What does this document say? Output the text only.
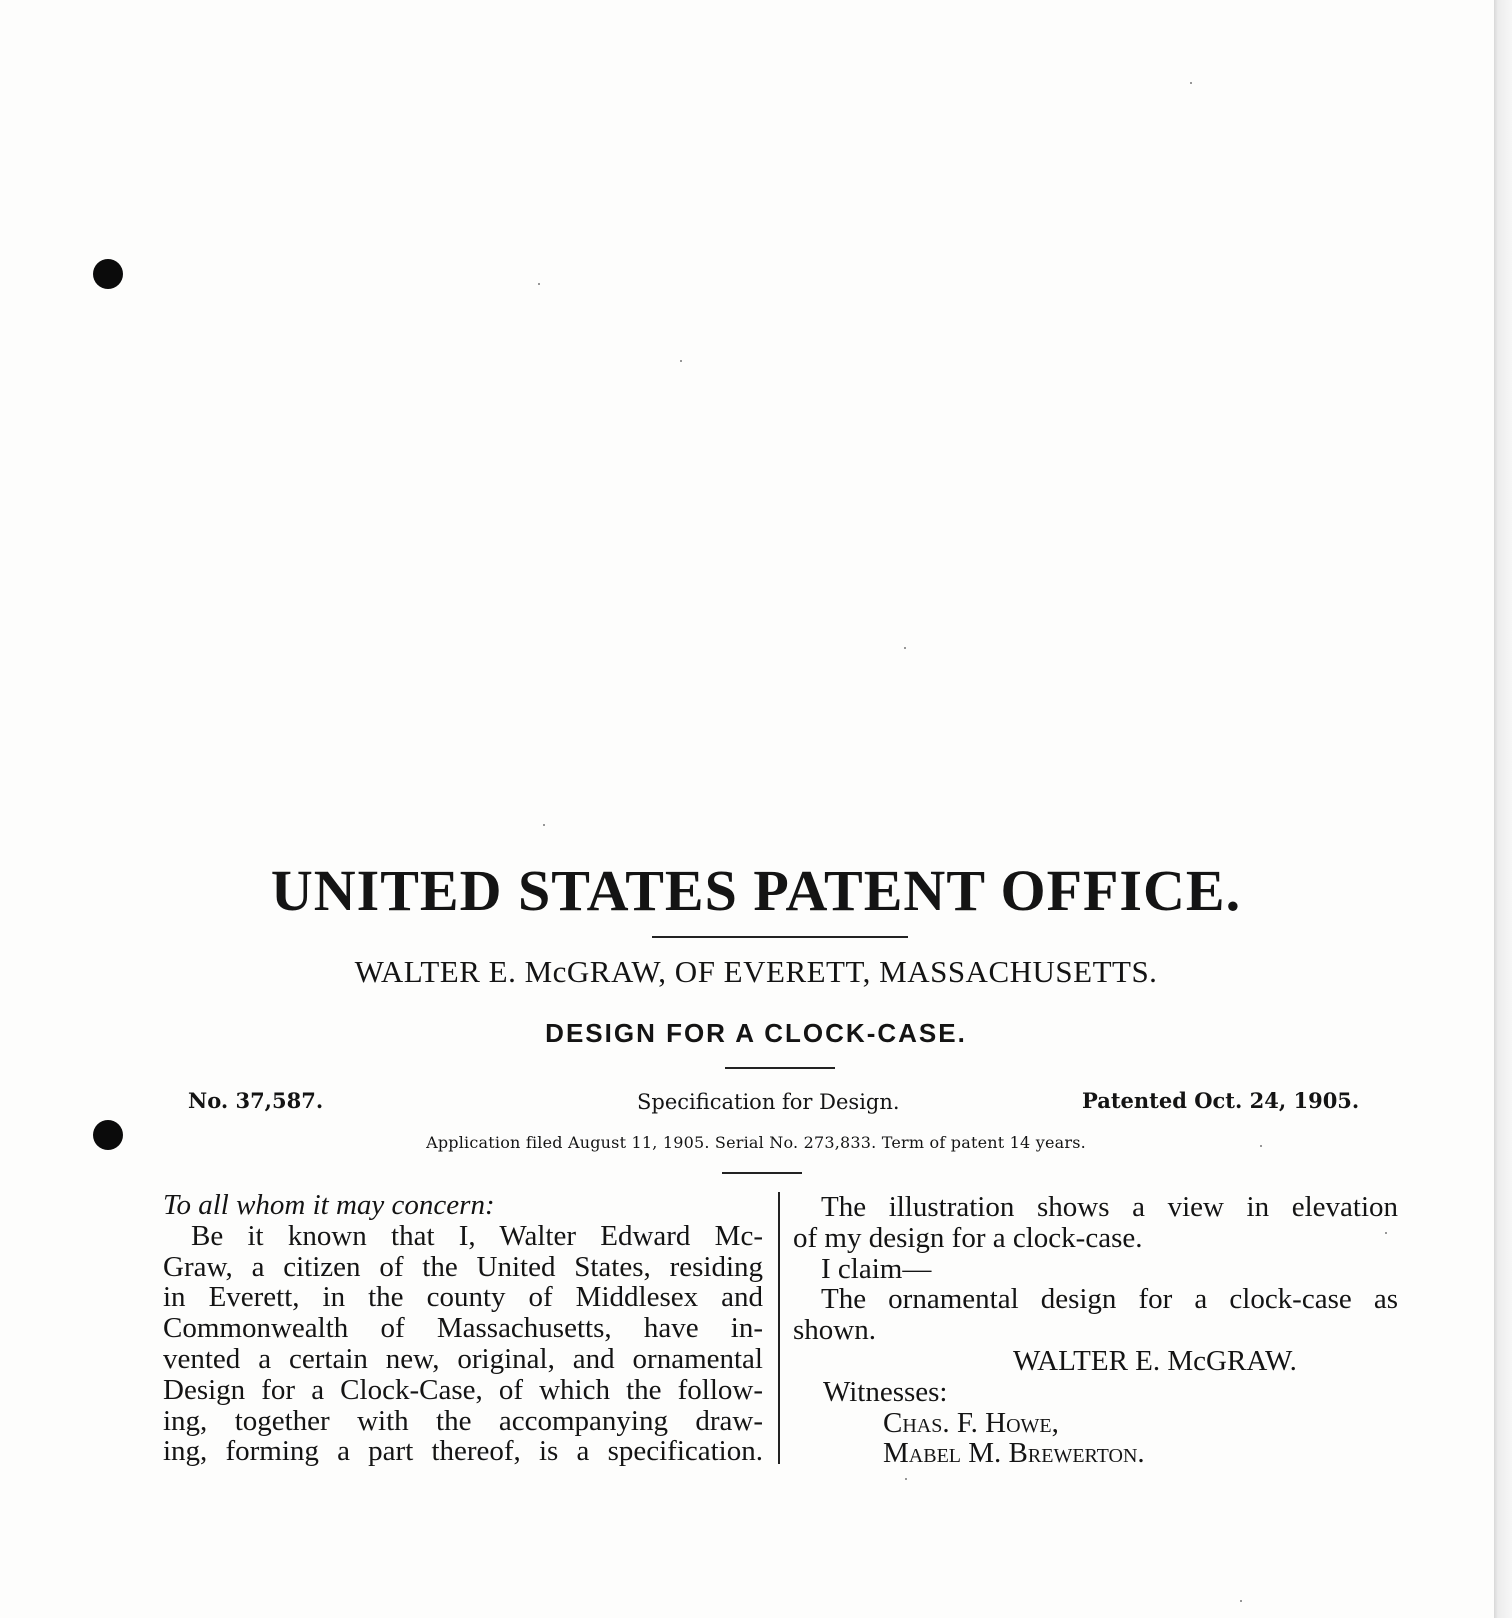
UNITED STATES PATENT OFFICE.
WALTER E. McGRAW, OF EVERETT, MASSACHUSETTS.
DESIGN FOR A CLOCK-CASE.
No. 37,587.	Specification for Design.	Patented Oct. 24, 1905.
Application filed August 11, 1905. Serial No. 273,833. Term of patent 14 years.
To all whom it may concern:
Be it known that I, Walter Edward Mc-
Graw, a citizen of the United States, residing
in Everett, in the county of Middlesex and
Commonwealth of Massachusetts, have in-
vented a certain new, original, and ornamental
Design for a Clock-Case, of which the follow-
ing, together with the accompanying draw-
ing, forming a part thereof, is a specification.
The illustration shows a view in elevation
of my design for a clock-case.
I claim—
The ornamental design for a clock-case as
shown.
WALTER E. McGRAW.
Witnesses:
Chas. F. Howe,
Mabel M. Brewerton.
